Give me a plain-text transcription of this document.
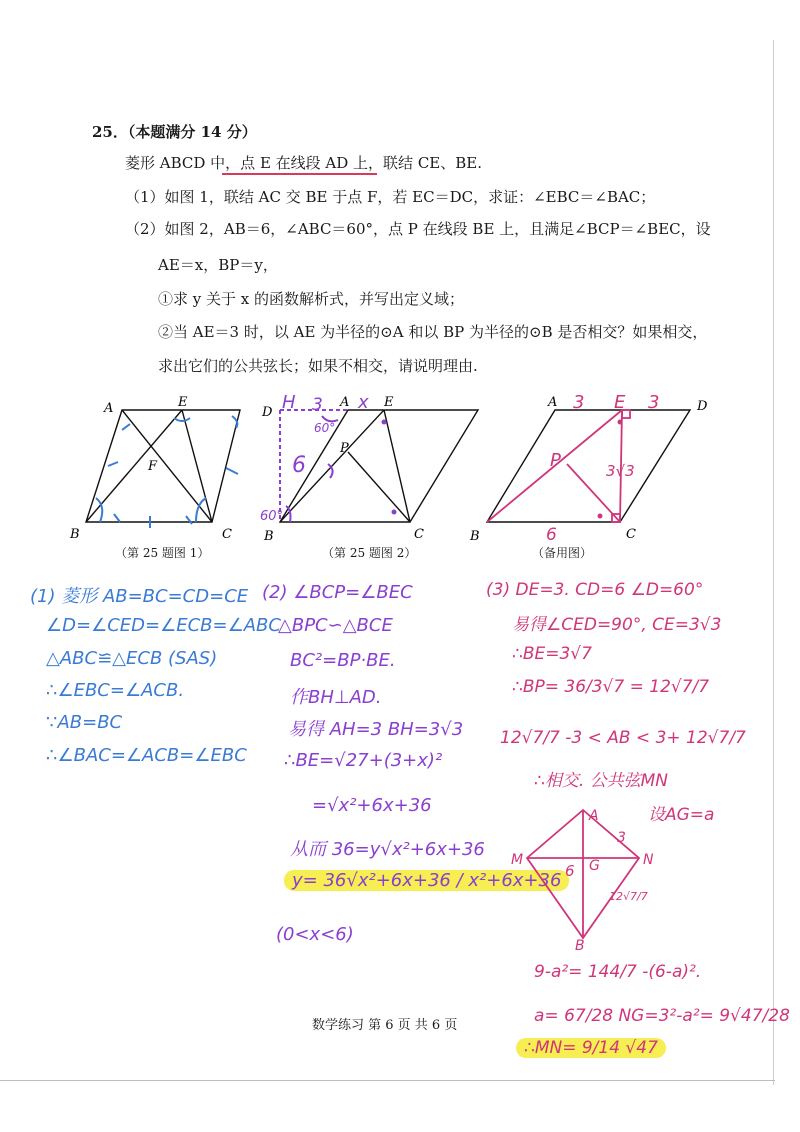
25．（本题满分 14 分）
菱形 ABCD 中，点 E 在线段 AD 上，联结 CE、BE.
（1）如图 1，联结 AC 交 BE 于点 F，若 EC＝DC，求证：∠EBC＝∠BAC；
（2）如图 2，AB＝6，∠ABC＝60°，点 P 在线段 BE 上，且满足∠BCP＝∠BEC，设
AE＝x，BP＝y，
①求 y 关于 x 的函数解析式，并写出定义域；
②当 AE＝3 时，以 AE 为半径的⊙A 和以 BP 为半径的⊙B 是否相交？如果相交，
求出它们的公共弦长；如果不相交，请说明理由.
A	E
F
B	C
D
A	E
P
B	C
H 3 x
6
60°
60°
A	D
B	C
3 E 3
P	3√3
6
（第 25 题图 1）	（第 25 题图 2）	（备用图）
(1) 菱形 AB=BC=CD=CE
∠D=∠CED=∠ECB=∠ABC
△ABC≌△ECB (SAS)
∴∠EBC=∠ACB.
∵AB=BC
∴∠BAC=∠ACB=∠EBC
(2) ∠BCP=∠BEC
△BPC∽△BCE
BC²=BP·BE.
作BH⊥AD.
易得 AH=3 BH=3√3
∴BE=√27+(3+x)²
=√x²+6x+36
从而 36=y√x²+6x+36
y= 36√x²+6x+36 / x²+6x+36
(0<x<6)
(3) DE=3. CD=6 ∠D=60°
易得∠CED=90°, CE=3√3
∴BE=3√7
∴BP= 36/3√7 = 12√7/7
12√7/7 -3 < AB < 3+ 12√7/7
∴相交. 公共弦MN
设AG=a
A
B
G
M	N
3
6
12√7/7
9-a²= 144/7 -(6-a)².
a= 67/28 NG=3²-a²= 9√47/28
∴MN= 9/14 √47
数学练习 第 6 页 共 6 页
